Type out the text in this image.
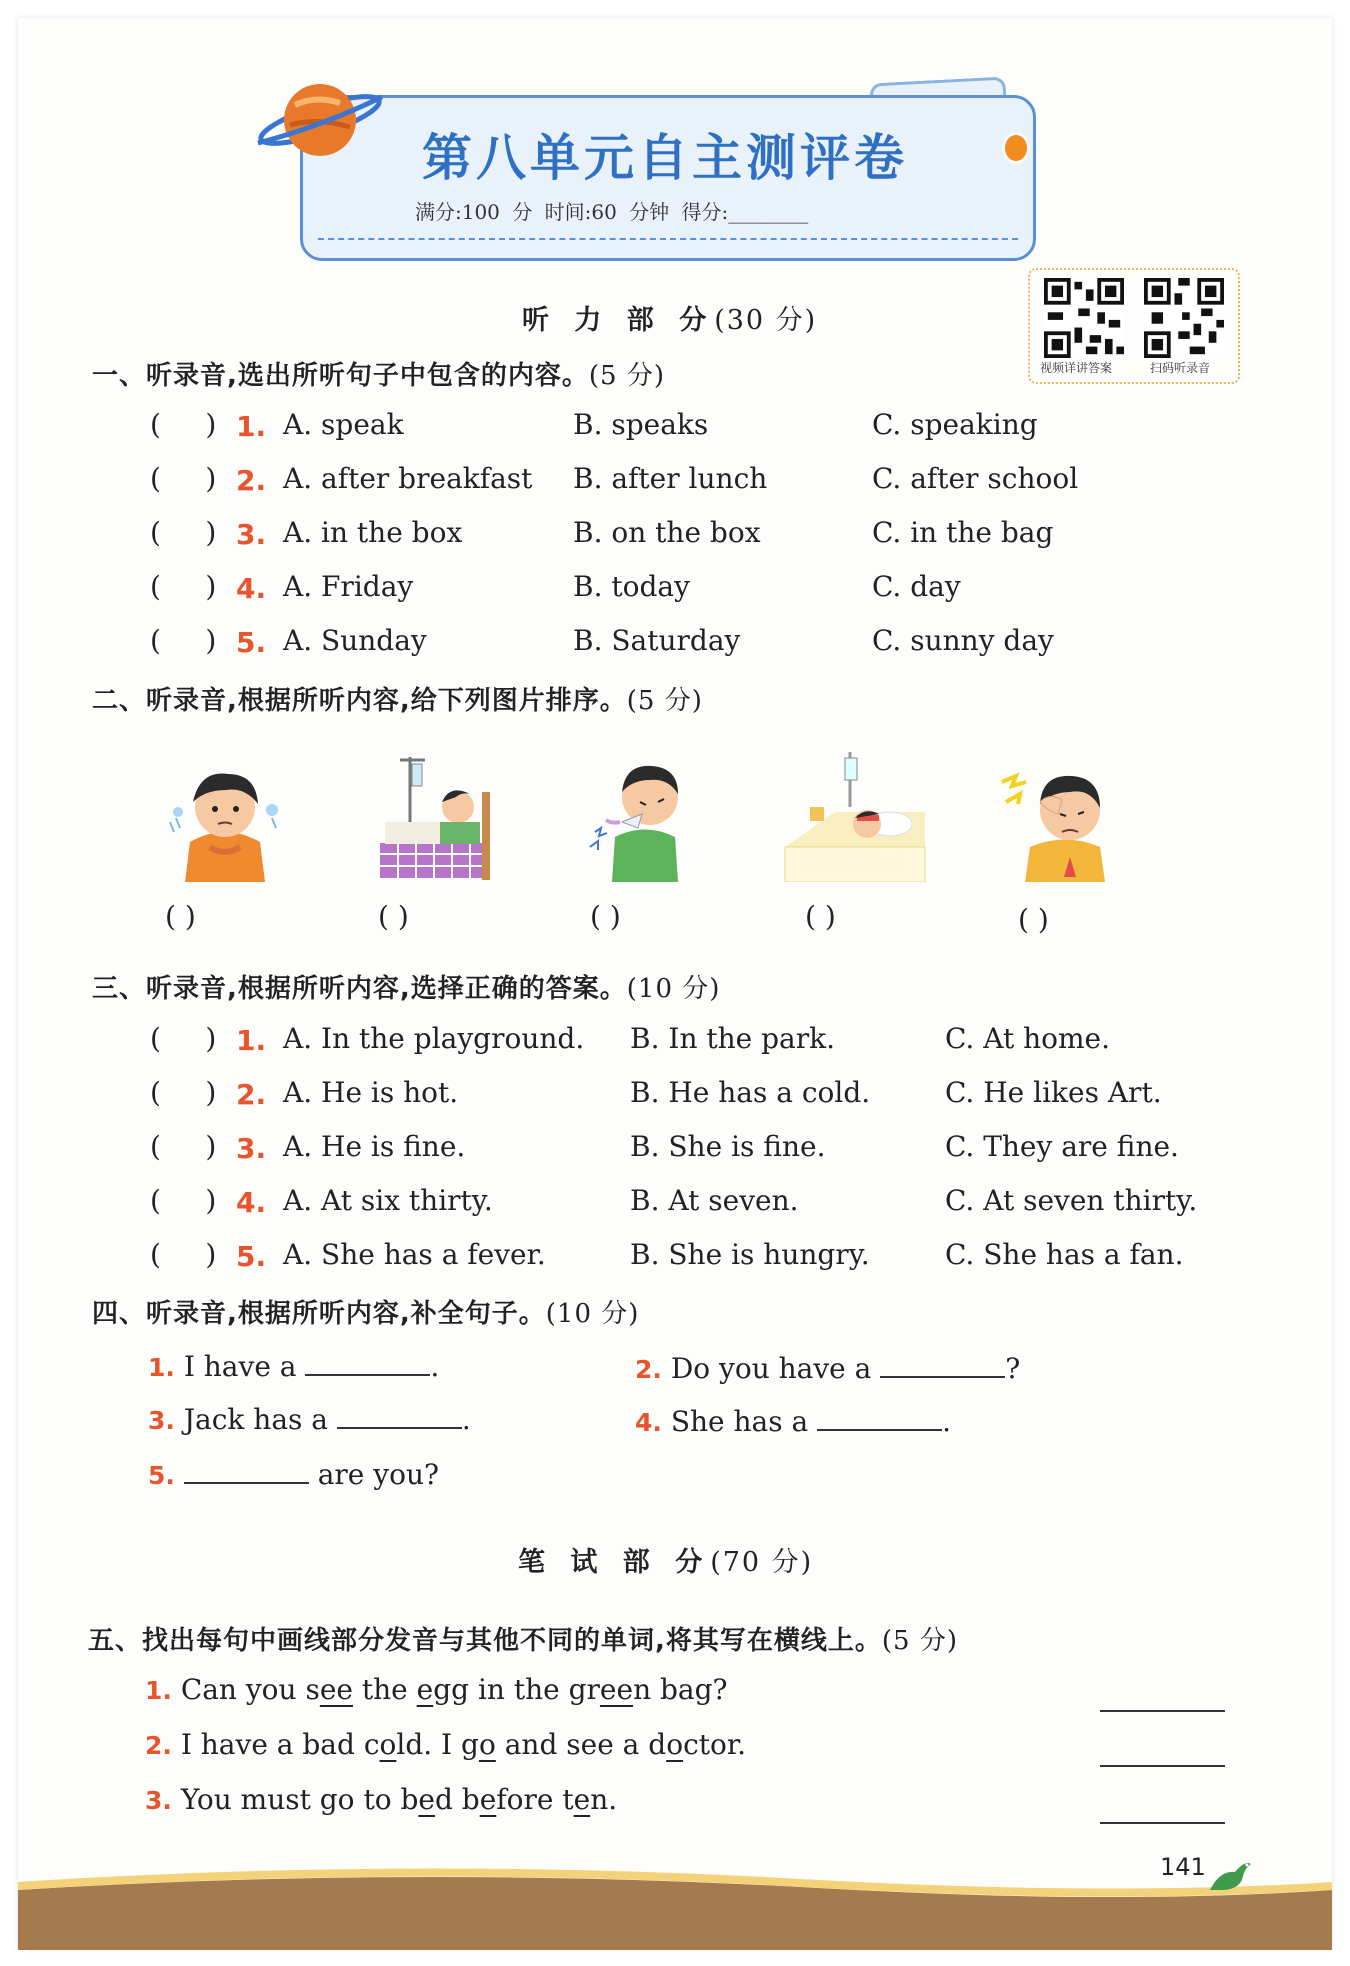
第八单元自主测评卷
满分:100 分 时间:60 分钟 得分:________
视频详讲答案	扫码听录音
听 力 部 分(30 分)
一、听录音,选出所听句子中包含的内容。(5 分)
(     ) 1. A. speak	B. speaks	C. speaking
(     ) 2. A. after breakfast B. after lunch	C. after school
(     ) 3. A. in the box	B. on the box	C. in the bag
(     ) 4. A. Friday	B. today	C. day
(     ) 5. A. Sunday	B. Saturday	C. sunny day
二、听录音,根据所听内容,给下列图片排序。(5 分)
( )	( )	( )	( )	( )
三、听录音,根据所听内容,选择正确的答案。(10 分)
(     ) 1. A. In the playground. B. In the park.	C. At home.
(     ) 2. A. He is hot.	B. He has a cold.	C. He likes Art.
(     ) 3. A. He is fine.	B. She is fine.	C. They are fine.
(     ) 4. A. At six thirty.	B. At seven.	C. At seven thirty.
(     ) 5. A. She has a fever.	B. She is hungry.	C. She has a fan.
四、听录音,根据所听内容,补全句子。(10 分)
1. I have a	.	2. Do you have a	?
3. Jack has a	.	4. She has a	.
5.	are you?
笔 试 部 分(70 分)
五、找出每句中画线部分发音与其他不同的单词,将其写在横线上。(5 分)
1. Can you see the egg in the green bag?
2. I have a bad cold. I go and see a doctor.
3. You must go to bed before ten.
141
